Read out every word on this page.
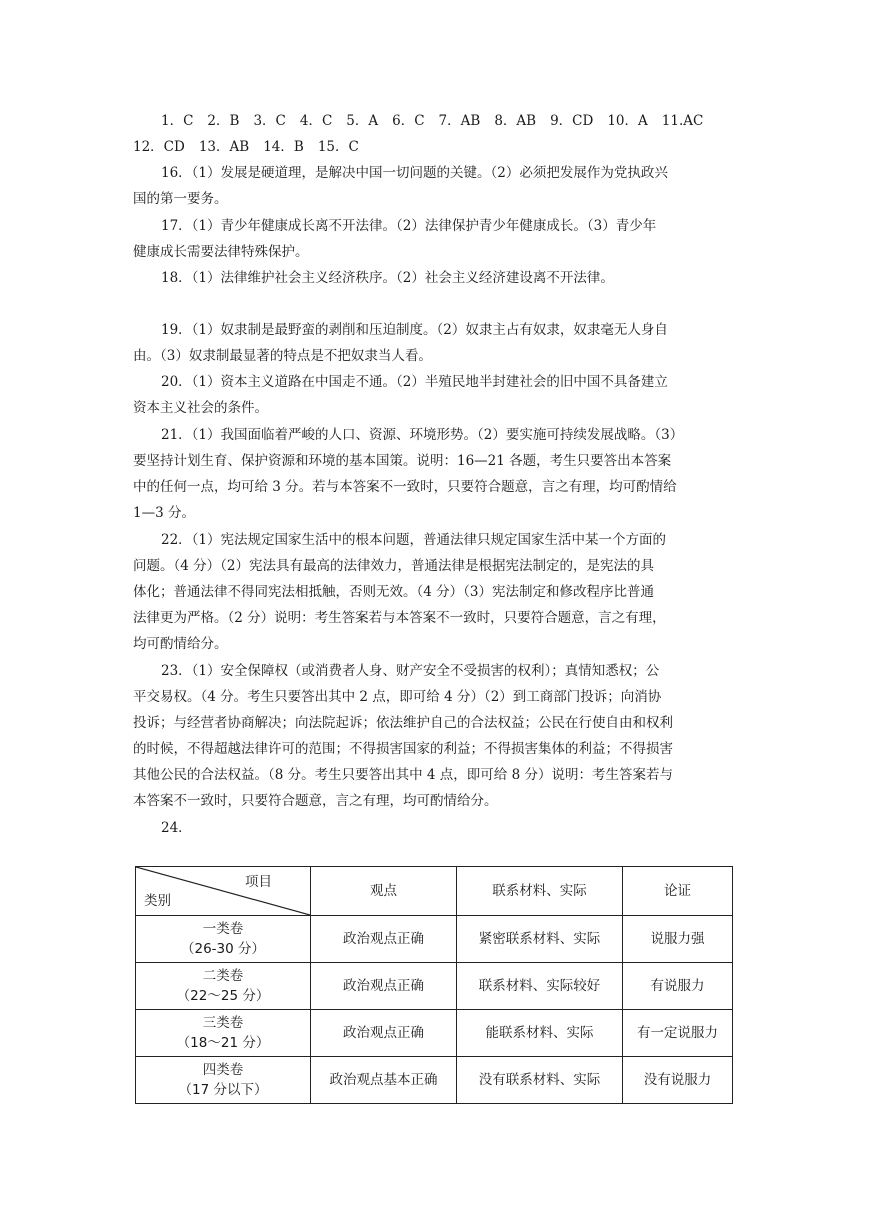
1．C 2．B 3．C 4．C 5．A 6．C 7．AB 8．AB 9．CD 10．A 11.AC
12．CD 13．AB 14．B 15．C
16．（1）发展是硬道理，是解决中国一切问题的关键。（2）必须把发展作为党执政兴
国的第一要务。
17．（1）青少年健康成长离不开法律。（2）法律保护青少年健康成长。（3）青少年
健康成长需要法律特殊保护。
18．（1）法律维护社会主义经济秩序。（2）社会主义经济建设离不开法律。
19．（1）奴隶制是最野蛮的剥削和压迫制度。（2）奴隶主占有奴隶，奴隶毫无人身自
由。（3）奴隶制最显著的特点是不把奴隶当人看。
20．（1）资本主义道路在中国走不通。（2）半殖民地半封建社会的旧中国不具备建立
资本主义社会的条件。
21．（1）我国面临着严峻的人口、资源、环境形势。（2）要实施可持续发展战略。（3）
要坚持计划生育、保护资源和环境的基本国策。说明：16—21 各题，考生只要答出本答案
中的任何一点，均可给 3 分。若与本答案不一致时，只要符合题意，言之有理，均可酌情给
1—3 分。
22．（1）宪法规定国家生活中的根本问题，普通法律只规定国家生活中某一个方面的
问题。（4 分）（2）宪法具有最高的法律效力，普通法律是根据宪法制定的，是宪法的具
体化；普通法律不得同宪法相抵触，否则无效。（4 分）（3）宪法制定和修改程序比普通
法律更为严格。（2 分）说明：考生答案若与本答案不一致时，只要符合题意，言之有理，
均可酌情给分。
23．（1）安全保障权（或消费者人身、财产安全不受损害的权利）；真情知悉权；公
平交易权。（4 分。考生只要答出其中 2 点，即可给 4 分）（2）到工商部门投诉；向消协
投诉；与经营者协商解决；向法院起诉；依法维护自己的合法权益；公民在行使自由和权利
的时候，不得超越法律许可的范围；不得损害国家的利益；不得损害集体的利益；不得损害
其他公民的合法权益。（8 分。考生只要答出其中 4 点，即可给 8 分）说明：考生答案若与
本答案不一致时，只要符合题意，言之有理，均可酌情给分。
24．
项目
类别	观点	联系材料、实际	论证

一类卷
（26-30 分）	政治观点正确	紧密联系材料、实际	说服力强

二类卷
（22～25 分）	政治观点正确	联系材料、实际较好	有说服力

三类卷
（18～21 分）	政治观点正确	能联系材料、实际	有一定说服力

四类卷
（17 分以下）	政治观点基本正确	没有联系材料、实际	没有说服力
